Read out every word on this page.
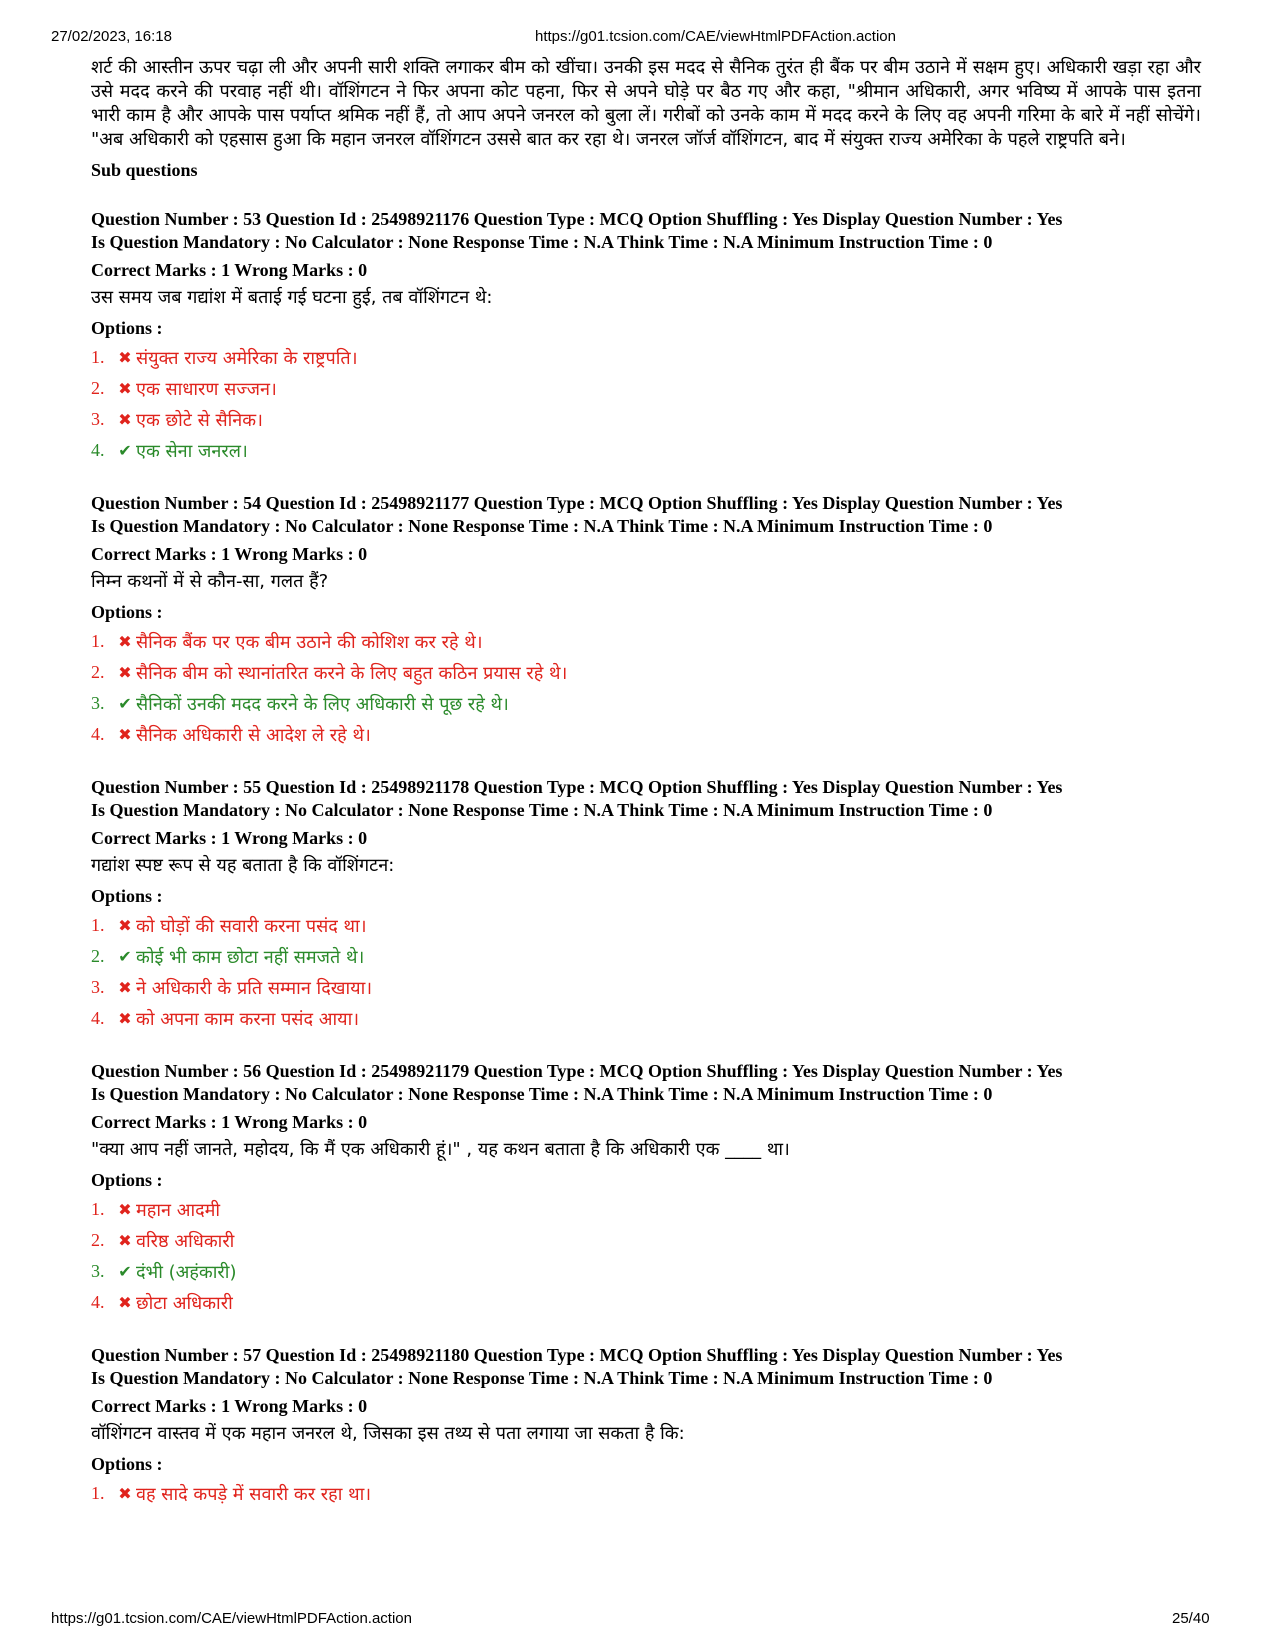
27/02/2023, 16:18	https://g01.tcsion.com/CAE/viewHtmlPDFAction.action

शर्ट की आस्तीन ऊपर चढ़ा ली और अपनी सारी शक्ति लगाकर बीम को खींचा। उनकी इस मदद से सैनिक तुरंत ही बैंक पर बीम उठाने में सक्षम हुए। अधिकारी खड़ा रहा और उसे मदद करने की परवाह नहीं थी। वॉशिंगटन ने फिर अपना कोट पहना, फिर से अपने घोड़े पर बैठ गए और कहा, "श्रीमान अधिकारी, अगर भविष्य में आपके पास इतना भारी काम है और आपके पास पर्याप्त श्रमिक नहीं हैं, तो आप अपने जनरल को बुला लें। गरीबों को उनके काम में मदद करने के लिए वह अपनी गरिमा के बारे में नहीं सोचेंगे। "अब अधिकारी को एहसास हुआ कि महान जनरल वॉशिंगटन उससे बात कर रहा थे। जनरल जॉर्ज वॉशिंगटन, बाद में संयुक्त राज्य अमेरिका के पहले राष्ट्रपति बने।

Sub questions
Question Number : 53 Question Id : 25498921176 Question Type : MCQ Option Shuffling : Yes Display Question Number : Yes
Is Question Mandatory : No Calculator : None Response Time : N.A Think Time : N.A Minimum Instruction Time : 0
Correct Marks : 1 Wrong Marks : 0
उस समय जब गद्यांश में बताई गई घटना हुई, तब वॉशिंगटन थे:
Options :
1. ✖ संयुक्त राज्य अमेरिका के राष्ट्रपति।
2. ✖ एक साधारण सज्जन।
3. ✖ एक छोटे से सैनिक।
4. ✔ एक सेना जनरल।
Question Number : 54 Question Id : 25498921177 Question Type : MCQ Option Shuffling : Yes Display Question Number : Yes
Is Question Mandatory : No Calculator : None Response Time : N.A Think Time : N.A Minimum Instruction Time : 0
Correct Marks : 1 Wrong Marks : 0
निम्न कथनों में से कौन-सा, गलत हैं?
Options :
1. ✖ सैनिक बैंक पर एक बीम उठाने की कोशिश कर रहे थे।
2. ✖ सैनिक बीम को स्थानांतरित करने के लिए बहुत कठिन प्रयास रहे थे।
3. ✔ सैनिकों उनकी मदद करने के लिए अधिकारी से पूछ रहे थे।
4. ✖ सैनिक अधिकारी से आदेश ले रहे थे।
Question Number : 55 Question Id : 25498921178 Question Type : MCQ Option Shuffling : Yes Display Question Number : Yes
Is Question Mandatory : No Calculator : None Response Time : N.A Think Time : N.A Minimum Instruction Time : 0
Correct Marks : 1 Wrong Marks : 0
गद्यांश स्पष्ट रूप से यह बताता है कि वॉशिंगटन:
Options :
1. ✖ को घोड़ों की सवारी करना पसंद था।
2. ✔ कोई भी काम छोटा नहीं समजते थे।
3. ✖ ने अधिकारी के प्रति सम्मान दिखाया।
4. ✖ को अपना काम करना पसंद आया।
Question Number : 56 Question Id : 25498921179 Question Type : MCQ Option Shuffling : Yes Display Question Number : Yes
Is Question Mandatory : No Calculator : None Response Time : N.A Think Time : N.A Minimum Instruction Time : 0
Correct Marks : 1 Wrong Marks : 0
"क्या आप नहीं जानते, महोदय, कि मैं एक अधिकारी हूं।" , यह कथन बताता है कि अधिकारी एक ____ था।
Options :
1. ✖ महान आदमी
2. ✖ वरिष्ठ अधिकारी
3. ✔ दंभी (अहंकारी)
4. ✖ छोटा अधिकारी
Question Number : 57 Question Id : 25498921180 Question Type : MCQ Option Shuffling : Yes Display Question Number : Yes
Is Question Mandatory : No Calculator : None Response Time : N.A Think Time : N.A Minimum Instruction Time : 0
Correct Marks : 1 Wrong Marks : 0
वॉशिंगटन वास्तव में एक महान जनरल थे, जिसका इस तथ्य से पता लगाया जा सकता है कि:
Options :
1. ✖ वह सादे कपड़े में सवारी कर रहा था।
https://g01.tcsion.com/CAE/viewHtmlPDFAction.action	25/40
